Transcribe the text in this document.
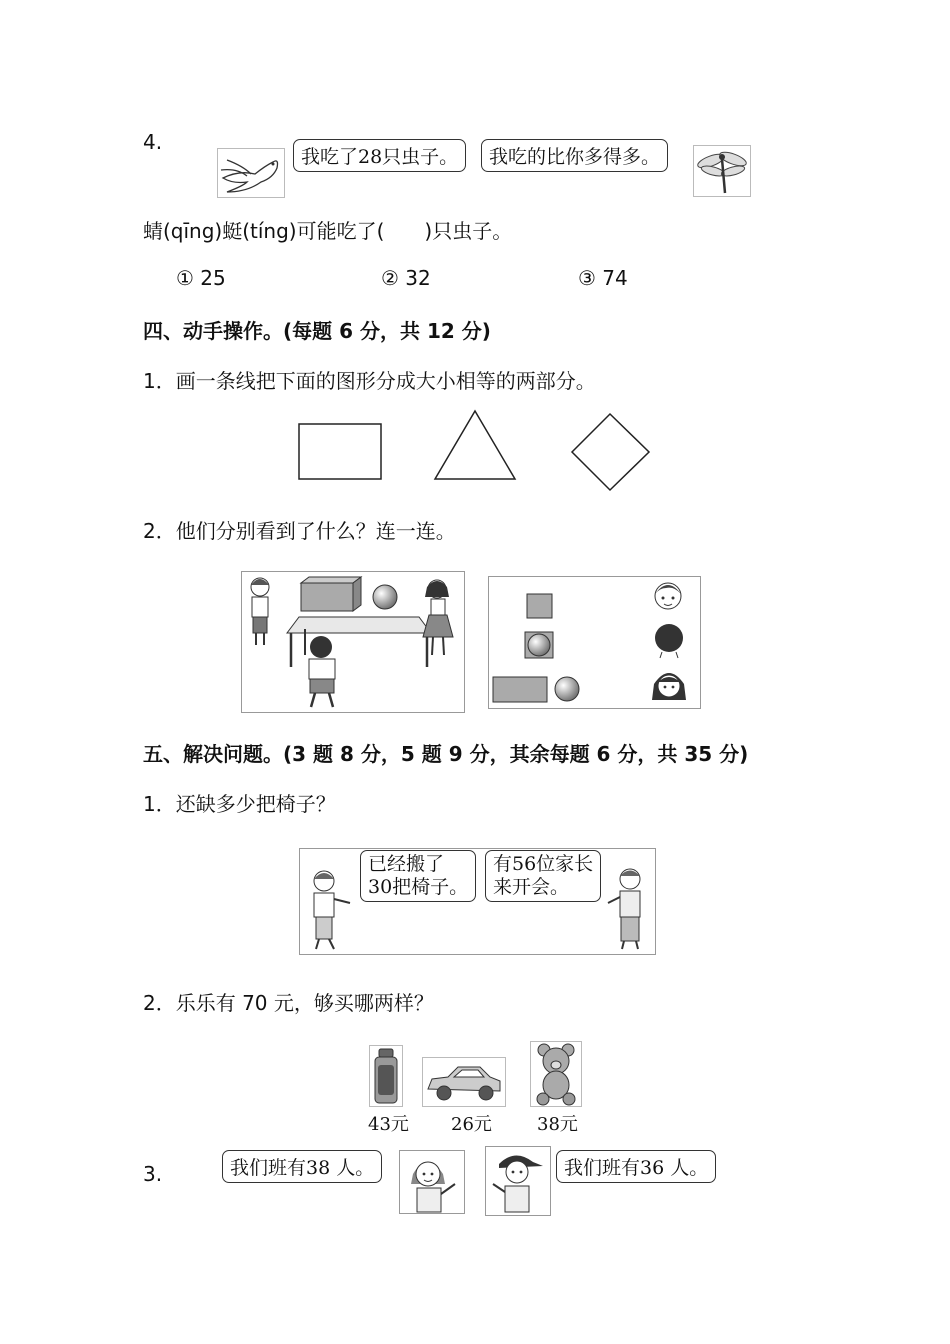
4.
我吃了28只虫子。	我吃的比你多得多。
蜻(qīng)蜓(tíng)可能吃了(　　)只虫子。
① 25	② 32	③ 74
四、动手操作。(每题 6 分，共 12 分)
1．画一条线把下面的图形分成大小相等的两部分。
2．他们分别看到了什么？连一连。
五、解决问题。(3 题 8 分，5 题 9 分，其余每题 6 分，共 35 分)
1．还缺多少把椅子？
已经搬了
30把椅子。
有56位家长
来开会。
2．乐乐有 70 元，够买哪两样？
43元 26元	38元
3.	我们班有38 人。	我们班有36 人。
